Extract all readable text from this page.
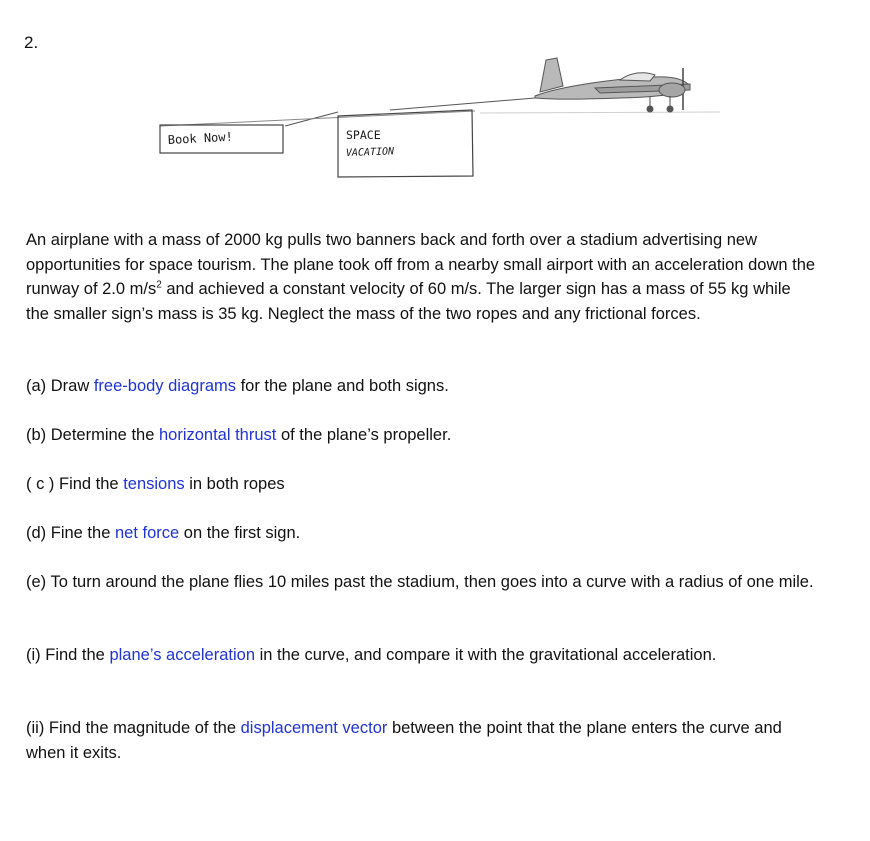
2.
Book Now!	SPACE
VACATION
An airplane with a mass of 2000 kg pulls two banners back and forth over a stadium advertising new opportunities for space tourism. The plane took off from a nearby small airport with an acceleration down the runway of 2.0 $m/s^2$ and achieved a constant velocity of 60 m/s. The larger sign has a mass of 55 kg while the smaller sign’s mass is 35 kg. Neglect the mass of the two ropes and any frictional forces.
(a) Draw free-body diagrams for the plane and both signs.
(b) Determine the horizontal thrust of the plane’s propeller.
( c ) Find the tensions in both ropes
(d) Fine the net force on the first sign.
(e) To turn around the plane flies 10 miles past the stadium, then goes into a curve with a radius of one mile.
(i) Find the plane’s acceleration in the curve, and compare it with the gravitational acceleration.
(ii) Find the magnitude of the displacement vector between the point that the plane enters the curve and when it exits.
